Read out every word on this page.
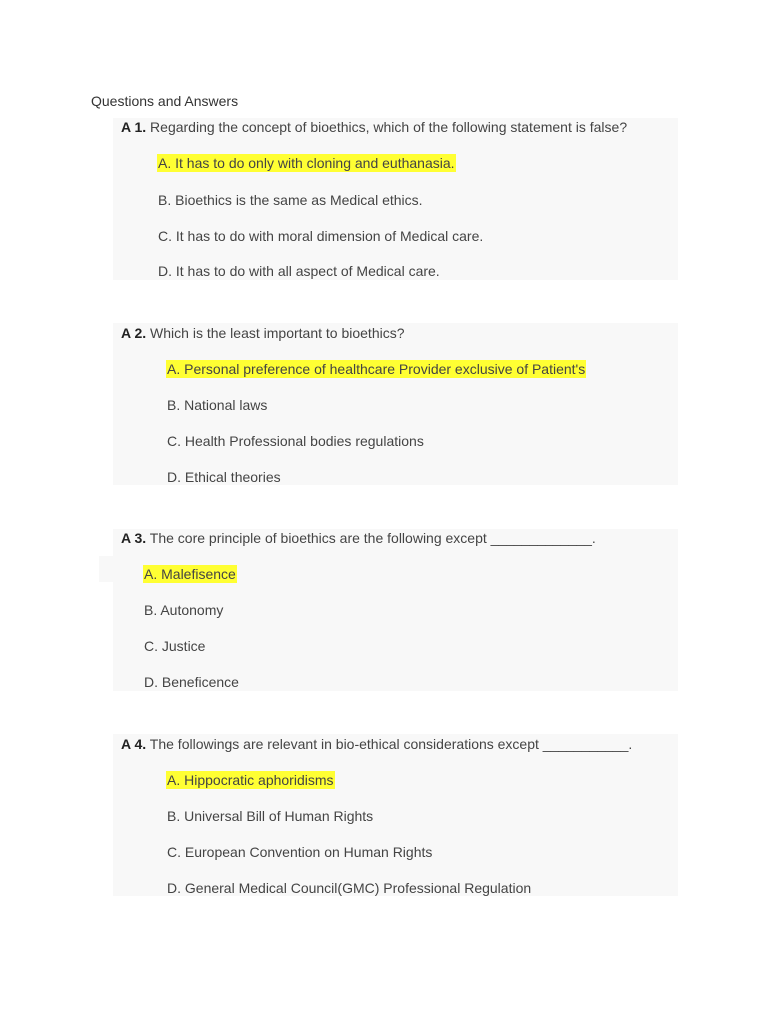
Questions and Answers
A 1. Regarding the concept of bioethics, which of the following statement is false?
A. It has to do only with cloning and euthanasia.
B. Bioethics is the same as Medical ethics.
C. It has to do with moral dimension of Medical care.
D. It has to do with all aspect of Medical care.
A 2. Which is the least important to bioethics?
A. Personal preference of healthcare Provider exclusive of Patient's
B. National laws
C. Health Professional bodies regulations
D. Ethical theories
A 3. The core principle of bioethics are the following except _____________.
A. Malefisence
B. Autonomy
C. Justice
D. Beneficence
A 4. The followings are relevant in bio-ethical considerations except ___________.
A. Hippocratic aphoridisms
B. Universal Bill of Human Rights
C. European Convention on Human Rights
D. General Medical Council(GMC) Professional Regulation
